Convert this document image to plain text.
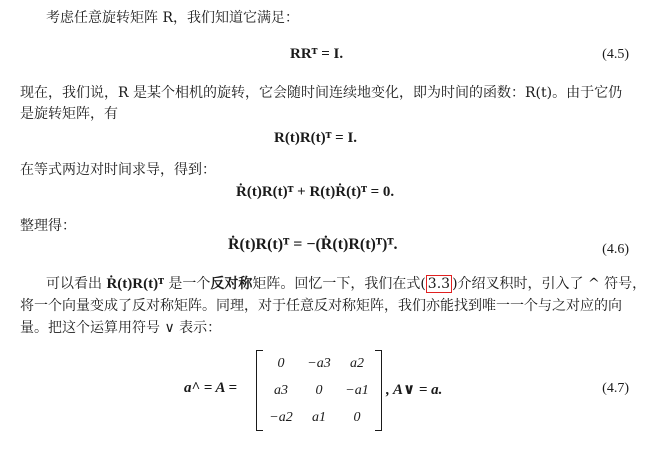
考虑任意旋转矩阵 R，我们知道它满足：
RRᵀ = I.	(4.5)
现在，我们说，R 是某个相机的旋转，它会随时间连续地变化，即为时间的函数：R(t)。由于它仍
是旋转矩阵，有
R(t)R(t)ᵀ = I.
在等式两边对时间求导，得到：
Ṙ(t)R(t)ᵀ + R(t)Ṙ(t)ᵀ = 0.
整理得：
Ṙ(t)R(t)ᵀ = −(Ṙ(t)R(t)ᵀ)ᵀ.	(4.6)
可以看出 Ṙ(t)R(t)ᵀ 是一个反对称矩阵。回忆一下，我们在式( 3.3 )介绍叉积时，引入了 ^ 符号，
将一个向量变成了反对称矩阵。同理，对于任意反对称矩阵，我们亦能找到唯一一个与之对应的向
量。把这个运算用符号 ∨ 表示：
a^ = A =
0	−a3	a2
a3	0	−a1
−a2	a1	0
, A∨ = a.	(4.7)
